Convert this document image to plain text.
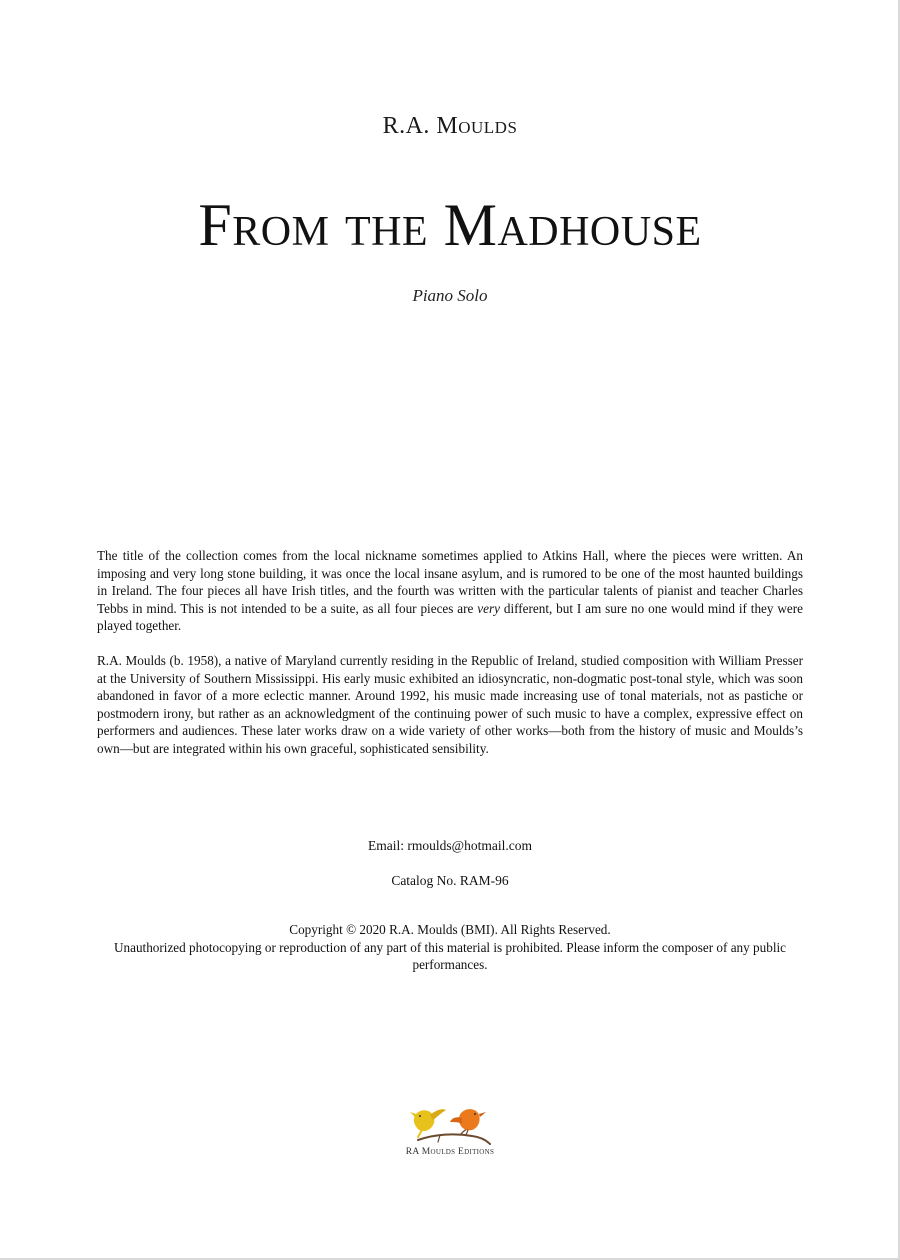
R.A. Moulds
From the Madhouse
Piano Solo

The title of the collection comes from the local nickname sometimes applied to Atkins Hall, where the pieces were written. An imposing and very long stone building, it was once the local insane asylum, and is rumored to be one of the most haunted buildings in Ireland. The four pieces all have Irish titles, and the fourth was written with the particular talents of pianist and teacher Charles Tebbs in mind. This is not intended to be a suite, as all four pieces are very different, but I am sure no one would mind if they were played together.

R.A. Moulds (b. 1958), a native of Maryland currently residing in the Republic of Ireland, studied composition with William Presser at the University of Southern Mississippi. His early music exhibited an idiosyncratic, non-dogmatic post-tonal style, which was soon abandoned in favor of a more eclectic manner. Around 1992, his music made increasing use of tonal materials, not as pastiche or postmodern irony, but rather as an acknowledgment of the continuing power of such music to have a complex, expressive effect on performers and audiences. These later works draw on a wide variety of other works—both from the history of music and Moulds’s own—but are integrated within his own graceful, sophisticated sensibility.

Email: rmoulds@hotmail.com
Catalog No. RAM-96
Copyright © 2020 R.A. Moulds (BMI). All Rights Reserved.
Unauthorized photocopying or reproduction of any part of this material is prohibited. Please inform the composer of any public performances.
RA Moulds Editions
